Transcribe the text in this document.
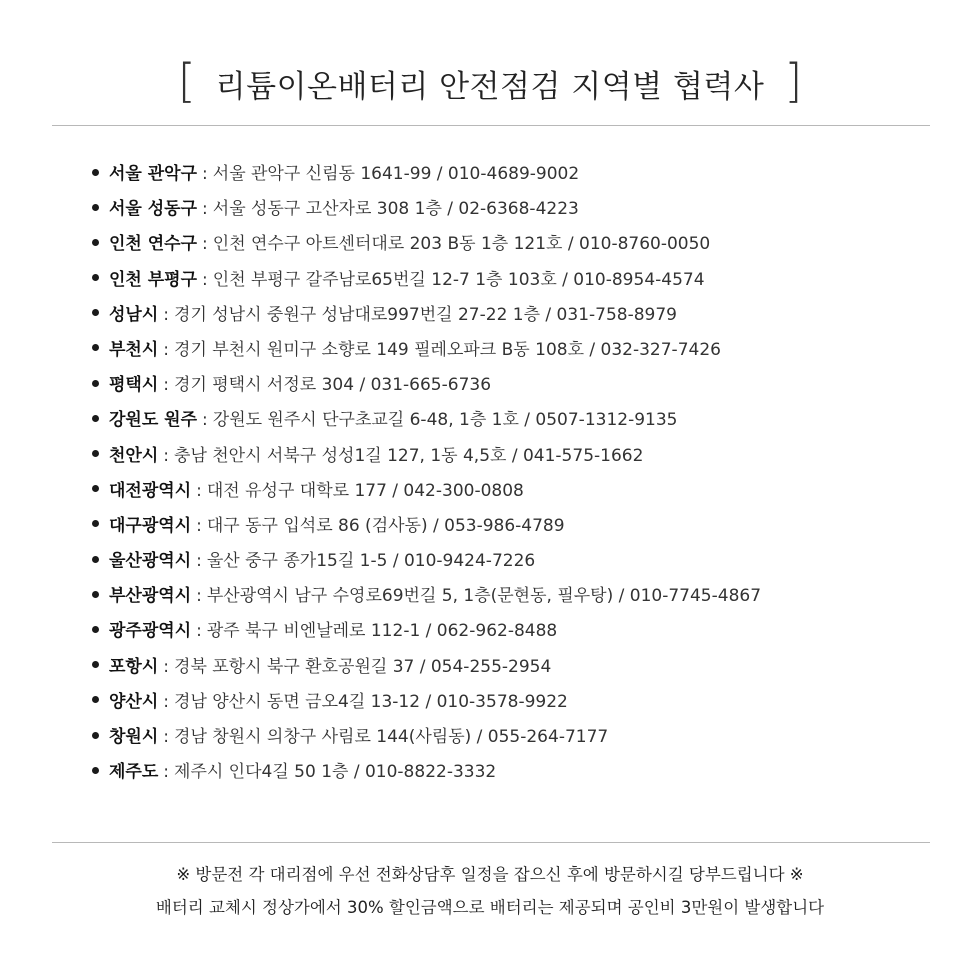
[ 리튬이온배터리 안전점검 지역별 협력사 ]
서울 관악구 : 서울 관악구 신림동 1641-99 / 010-4689-9002
서울 성동구 : 서울 성동구 고산자로 308 1층 / 02-6368-4223
인천 연수구 : 인천 연수구 아트센터대로 203 B동 1층 121호 / 010-8760-0050
인천 부평구 : 인천 부평구 갈주남로65번길 12-7 1층 103호 / 010-8954-4574
성남시 : 경기 성남시 중원구 성남대로997번길 27-22 1층 / 031-758-8979
부천시 : 경기 부천시 원미구 소향로 149 필레오파크 B동 108호 / 032-327-7426
평택시 : 경기 평택시 서정로 304 / 031-665-6736
강원도 원주 : 강원도 원주시 단구초교길 6-48, 1층 1호 / 0507-1312-9135
천안시 : 충남 천안시 서북구 성성1길 127, 1동 4,5호 / 041-575-1662
대전광역시 : 대전 유성구 대학로 177 / 042-300-0808
대구광역시 : 대구 동구 입석로 86 (검사동) / 053-986-4789
울산광역시 : 울산 중구 종가15길 1-5 / 010-9424-7226
부산광역시 : 부산광역시 남구 수영로69번길 5, 1층(문현동, 필우탕) / 010-7745-4867
광주광역시 : 광주 북구 비엔날레로 112-1 / 062-962-8488
포항시 : 경북 포항시 북구 환호공원길 37 / 054-255-2954
양산시 : 경남 양산시 동면 금오4길 13-12 / 010-3578-9922
창원시 : 경남 창원시 의창구 사림로 144(사림동) / 055-264-7177
제주도 : 제주시 인다4길 50 1층 / 010-8822-3332
※ 방문전 각 대리점에 우선 전화상담후 일정을 잡으신 후에 방문하시길 당부드립니다 ※
배터리 교체시 정상가에서 30% 할인금액으로 배터리는 제공되며 공인비 3만원이 발생합니다
